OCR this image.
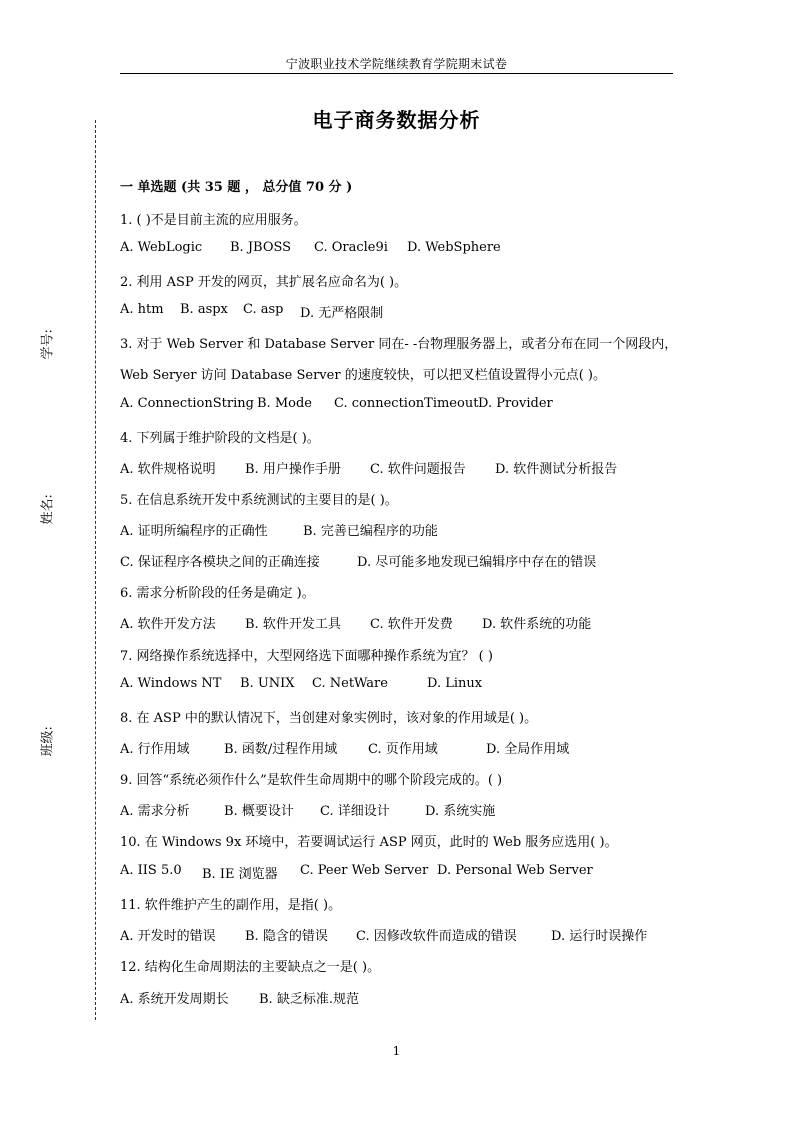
宁波职业技术学院继续教育学院期末试卷
学号:
姓名:
班级:
电子商务数据分析
一 单选题 (共 35 题 ， 总分值 70 分 )
1. ( )不是目前主流的应用服务。
A. WebLogic B. JBOSS C. Oracle9i D. WebSphere
2. 利用 ASP 开发的网页，其扩展名应命名为( )。
A. htm B. aspx C. asp D. 无严格限制
3. 对于 Web Server 和 Database Server 同在- -台物理服务器上，或者分布在同一个网段内，
Web Seryer 访问 Database Server 的速度较快，可以把叉栏值设置得小元点( )。
A. ConnectionString B. Mode C. connectionTimeout D. Provider
4. 下列属于维护阶段的文档是( )。
A. 软件规格说明 B. 用户操作手册 C. 软件问题报告 D. 软件测试分析报告
5. 在信息系统开发中系统测试的主要目的是( )。
A. 证明所编程序的正确性	B. 完善已编程序的功能
C. 保证程序各模块之间的正确连接	D. 尽可能多地发现已编辑序中存在的错误
6. 需求分析阶段的任务是确定 )。
A. 软件开发方法 B. 软件开发工具 C. 软件开发费 D. 软件系统的功能
7. 网络操作系统选择中，大型网络选下面哪种操作系统为宜？ ( )
A. Windows NT B. UNIX C. NetWare	D. Linux
8. 在 ASP 中的默认情况下，当创建对象实例时，该对象的作用域是( )。
A. 行作用域	B. 函数/过程作用域 C. 页作用域	D. 全局作用域
9. 回答“系统必须作什么”是软件生命周期中的哪个阶段完成的。( )
A. 需求分析	B. 概要设计 C. 详细设计	D. 系统实施
10. 在 Windows 9x 环境中，若要调试运行 ASP 网页，此时的 Web 服务应选用( )。
A. IIS 5.0 B. IE 浏览器 C. Peer Web Server D. Personal Web Server
11. 软件维护产生的副作用，是指( )。
A. 开发时的错误 B. 隐含的错误 C. 因修改软件而造成的错误	D. 运行时误操作
12. 结构化生命周期法的主要缺点之一是( )。
A. 系统开发周期长 B. 缺乏标准.规范
1
